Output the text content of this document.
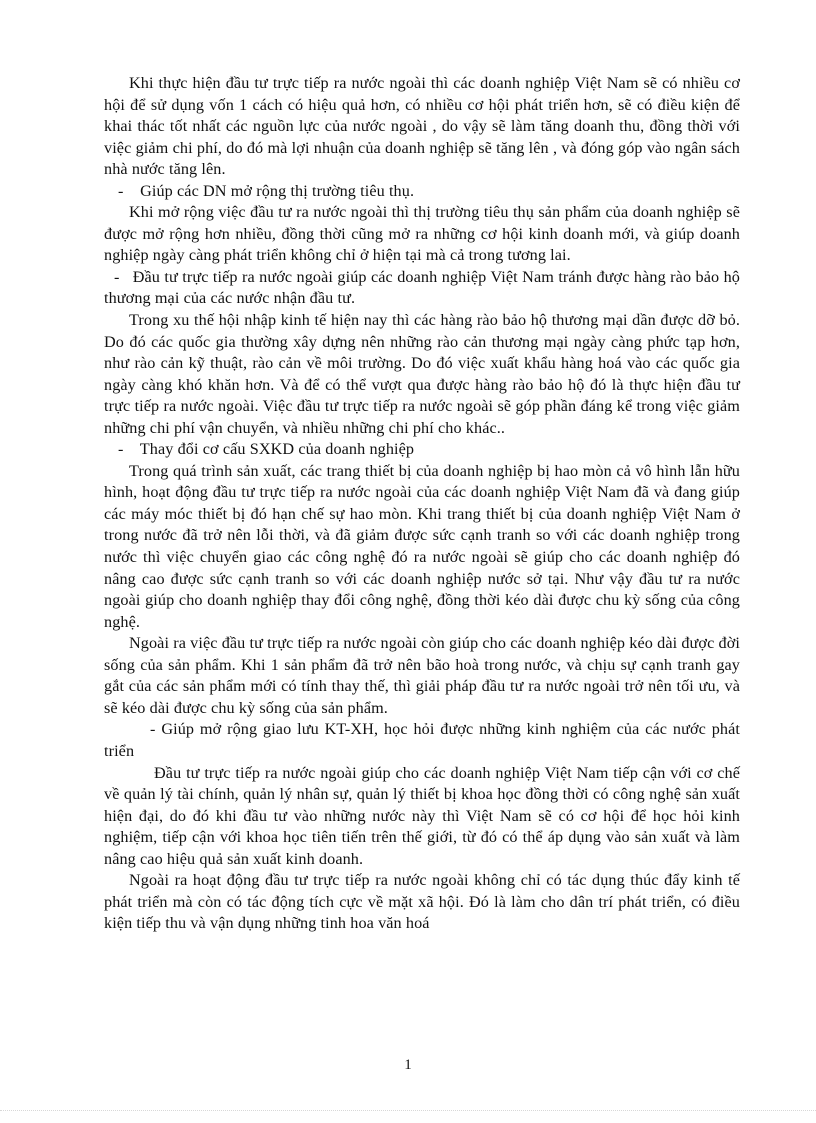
Khi thực hiện đầu tư trực tiếp ra nước ngoài thì các doanh nghiệp Việt Nam sẽ có nhiều cơ hội để sử dụng vốn 1 cách có hiệu quả hơn, có nhiều cơ hội phát triển hơn, sẽ có điều kiện để khai thác tốt nhất các nguồn lực của nước ngoài , do vậy sẽ làm tăng doanh thu, đồng thời với việc giảm chi phí, do đó mà lợi nhuận của doanh nghiệp sẽ tăng lên , và đóng góp vào ngân sách nhà nước tăng lên.

-    Giúp các DN mở rộng thị trường tiêu thụ.

Khi mở rộng việc đầu tư ra nước ngoài thì thị trường tiêu thụ sản phẩm của doanh nghiệp sẽ được mở rộng hơn nhiều, đồng thời cũng mở ra những cơ hội kinh doanh mới, và giúp doanh nghiệp ngày càng phát triển không chỉ ở hiện tại mà cả trong tương lai.

-   Đầu tư trực tiếp ra nước ngoài giúp các doanh nghiệp Việt Nam tránh được hàng rào bảo hộ thương mại của các nước nhận đầu tư.

Trong xu thế hội nhập kinh tế hiện nay thì các hàng rào bảo hộ thương mại dần được dỡ bỏ. Do đó các quốc gia thường xây dựng nên những rào cản thương mại ngày càng phức tạp hơn, như rào cản kỹ thuật, rào cản về môi trường. Do đó việc xuất khẩu hàng hoá vào các quốc gia ngày càng khó khăn hơn. Và để có thể vượt qua được hàng rào bảo hộ đó là thực hiện đầu tư trực tiếp ra nước ngoài. Việc đầu tư trực tiếp ra nước ngoài sẽ góp phần đáng kể trong việc giảm những chi phí vận chuyển, và nhiều những chi phí cho khác..

-    Thay đổi cơ cấu SXKD của doanh nghiệp

Trong quá trình sản xuất, các trang thiết bị của doanh nghiệp bị hao mòn cả vô hình lẫn hữu hình, hoạt động đầu tư trực tiếp ra nước ngoài của các doanh nghiệp Việt Nam đã và đang giúp các máy móc thiết bị đó hạn chế sự hao mòn. Khi trang thiết bị của doanh nghiệp Việt Nam ở trong nước đã trở nên lỗi thời, và đã giảm được sức cạnh tranh so với các doanh nghiệp trong nước thì việc chuyển giao các công nghệ đó ra nước ngoài sẽ giúp cho các doanh nghiệp đó nâng cao được sức cạnh tranh so với các doanh nghiệp nước sở tại. Như vậy đầu tư ra nước ngoài giúp cho doanh nghiệp thay đổi công nghệ, đồng thời kéo dài được chu kỳ sống của công nghệ.

Ngoài ra việc đầu tư trực tiếp ra nước ngoài còn giúp cho các doanh nghiệp kéo dài được đời sống của sản phẩm. Khi 1 sản phẩm đã trở nên bão hoà trong nước, và chịu sự cạnh tranh gay gắt của các sản phẩm mới có tính thay thế, thì giải pháp đầu tư ra nước ngoài trở nên tối ưu, và sẽ kéo dài được chu kỳ sống của sản phẩm.

- Giúp mở rộng giao lưu KT-XH, học hỏi được những kinh nghiệm của các nước phát triển

Đầu tư trực tiếp ra nước ngoài giúp cho các doanh nghiệp Việt Nam tiếp cận với cơ chế về quản lý tài chính, quản lý nhân sự, quản lý thiết bị khoa học đồng thời có công nghệ sản xuất hiện đại, do đó khi đầu tư vào những nước này thì Việt Nam sẽ có cơ hội để học hỏi kinh nghiệm, tiếp cận với khoa học tiên tiến trên thế giới, từ đó có thể áp dụng vào sản xuất và làm nâng cao hiệu quả sản xuất kinh doanh.

Ngoài ra hoạt động đầu tư trực tiếp ra nước ngoài không chỉ có tác dụng thúc đẩy kinh tế phát triển mà còn có tác động tích cực về mặt xã hội. Đó là làm cho dân trí phát triển, có điều kiện tiếp thu và vận dụng những tinh hoa văn hoá

1
